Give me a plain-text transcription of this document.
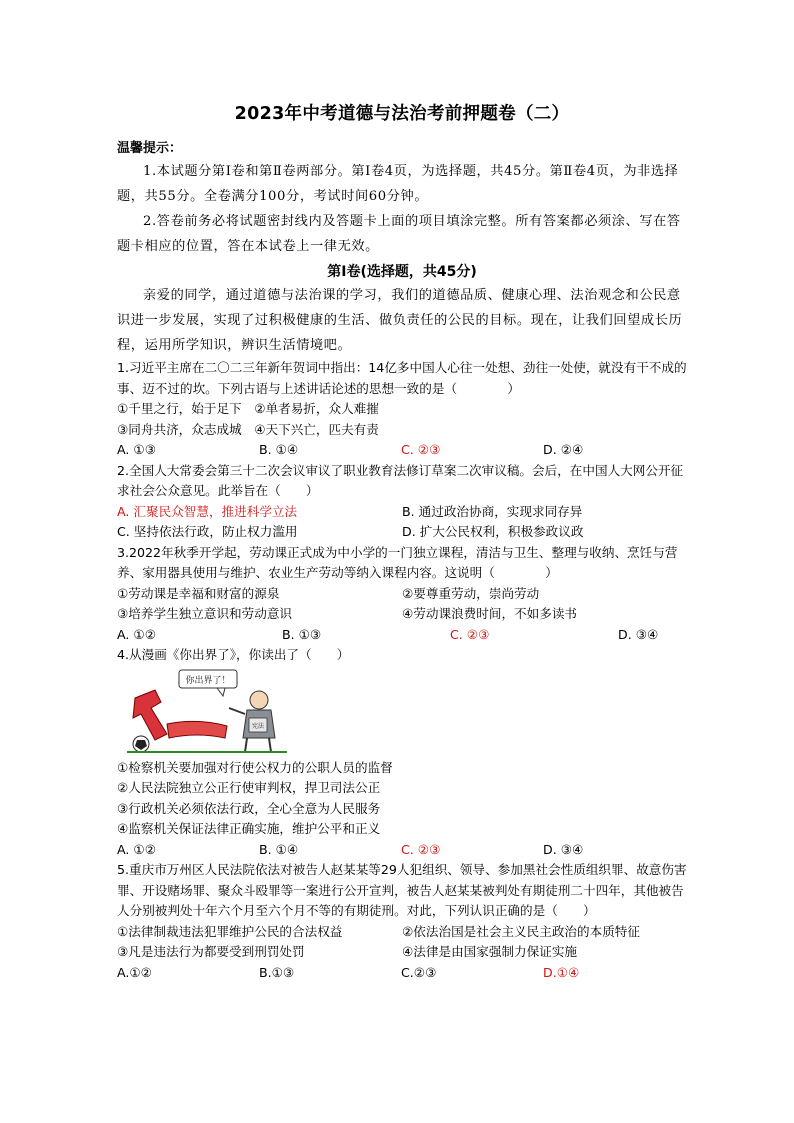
2023年中考道德与法治考前押题卷（二）
温馨提示：

1.本试题分第Ⅰ卷和第Ⅱ卷两部分。第Ⅰ卷4页，为选择题，共45分。第Ⅱ卷4页，为非选择题，共55分。全卷满分100分，考试时间60分钟。

2.答卷前务必将试题密封线内及答题卡上面的项目填涂完整。所有答案都必须涂、写在答题卡相应的位置，答在本试卷上一律无效。

第Ⅰ卷(选择题，共45分)

亲爱的同学，通过道德与法治课的学习，我们的道德品质、健康心理、法治观念和公民意识进一步发展，实现了过积极健康的生活、做负责任的公民的目标。现在，让我们回望成长历程，运用所学知识，辨识生活情境吧。

1.习近平主席在二〇二三年新年贺词中指出：14亿多中国人心往一处想、劲往一处使，就没有干不成的事、迈不过的坎。下列古语与上述讲话论述的思想一致的是（　　　　）

①千里之行，始于足下　②单者易折，众人难摧

③同舟共济，众志成城　④天下兴亡，匹夫有责

A. ①③	B. ①④	C. ②③	D. ②④

2.全国人大常委会第三十二次会议审议了职业教育法修订草案二次审议稿。会后，在中国人大网公开征求社会公众意见。此举旨在（　　）

A. 汇聚民众智慧，推进科学立法	B. 通过政治协商，实现求同存异
C. 坚持依法行政，防止权力滥用	D. 扩大公民权利，积极参政议政

3.2022年秋季开学起，劳动课正式成为中小学的一门独立课程，清洁与卫生、整理与收纳、烹饪与营养、家用器具使用与维护、农业生产劳动等纳入课程内容。这说明（　　　　）

①劳动课是幸福和财富的源泉	②要尊重劳动，崇尚劳动
③培养学生独立意识和劳动意识	④劳动课浪费时间，不如多读书
A. ①②	B. ①③	C. ②③	D. ③④

4.从漫画《你出界了》，你读出了（　　）

你出界了！
宪法

①检察机关要加强对行使公权力的公职人员的监督

②人民法院独立公正行使审判权，捍卫司法公正

③行政机关必须依法行政，全心全意为人民服务

④监察机关保证法律正确实施，维护公平和正义

A. ①②	B. ①④	C. ②③	D. ③④

5.重庆市万州区人民法院依法对被告人赵某某等29人犯组织、领导、参加黑社会性质组织罪、故意伤害罪、开设赌场罪、聚众斗殴罪等一案进行公开宣判，被告人赵某某被判处有期徒刑二十四年，其他被告人分别被判处十年六个月至六个月不等的有期徒刑。对此，下列认识正确的是（　　）

①法律制裁违法犯罪维护公民的合法权益	②依法治国是社会主义民主政治的本质特征
③凡是违法行为都要受到刑罚处罚	④法律是由国家强制力保证实施
A.①②	B.①③	C.②③	D.①④
